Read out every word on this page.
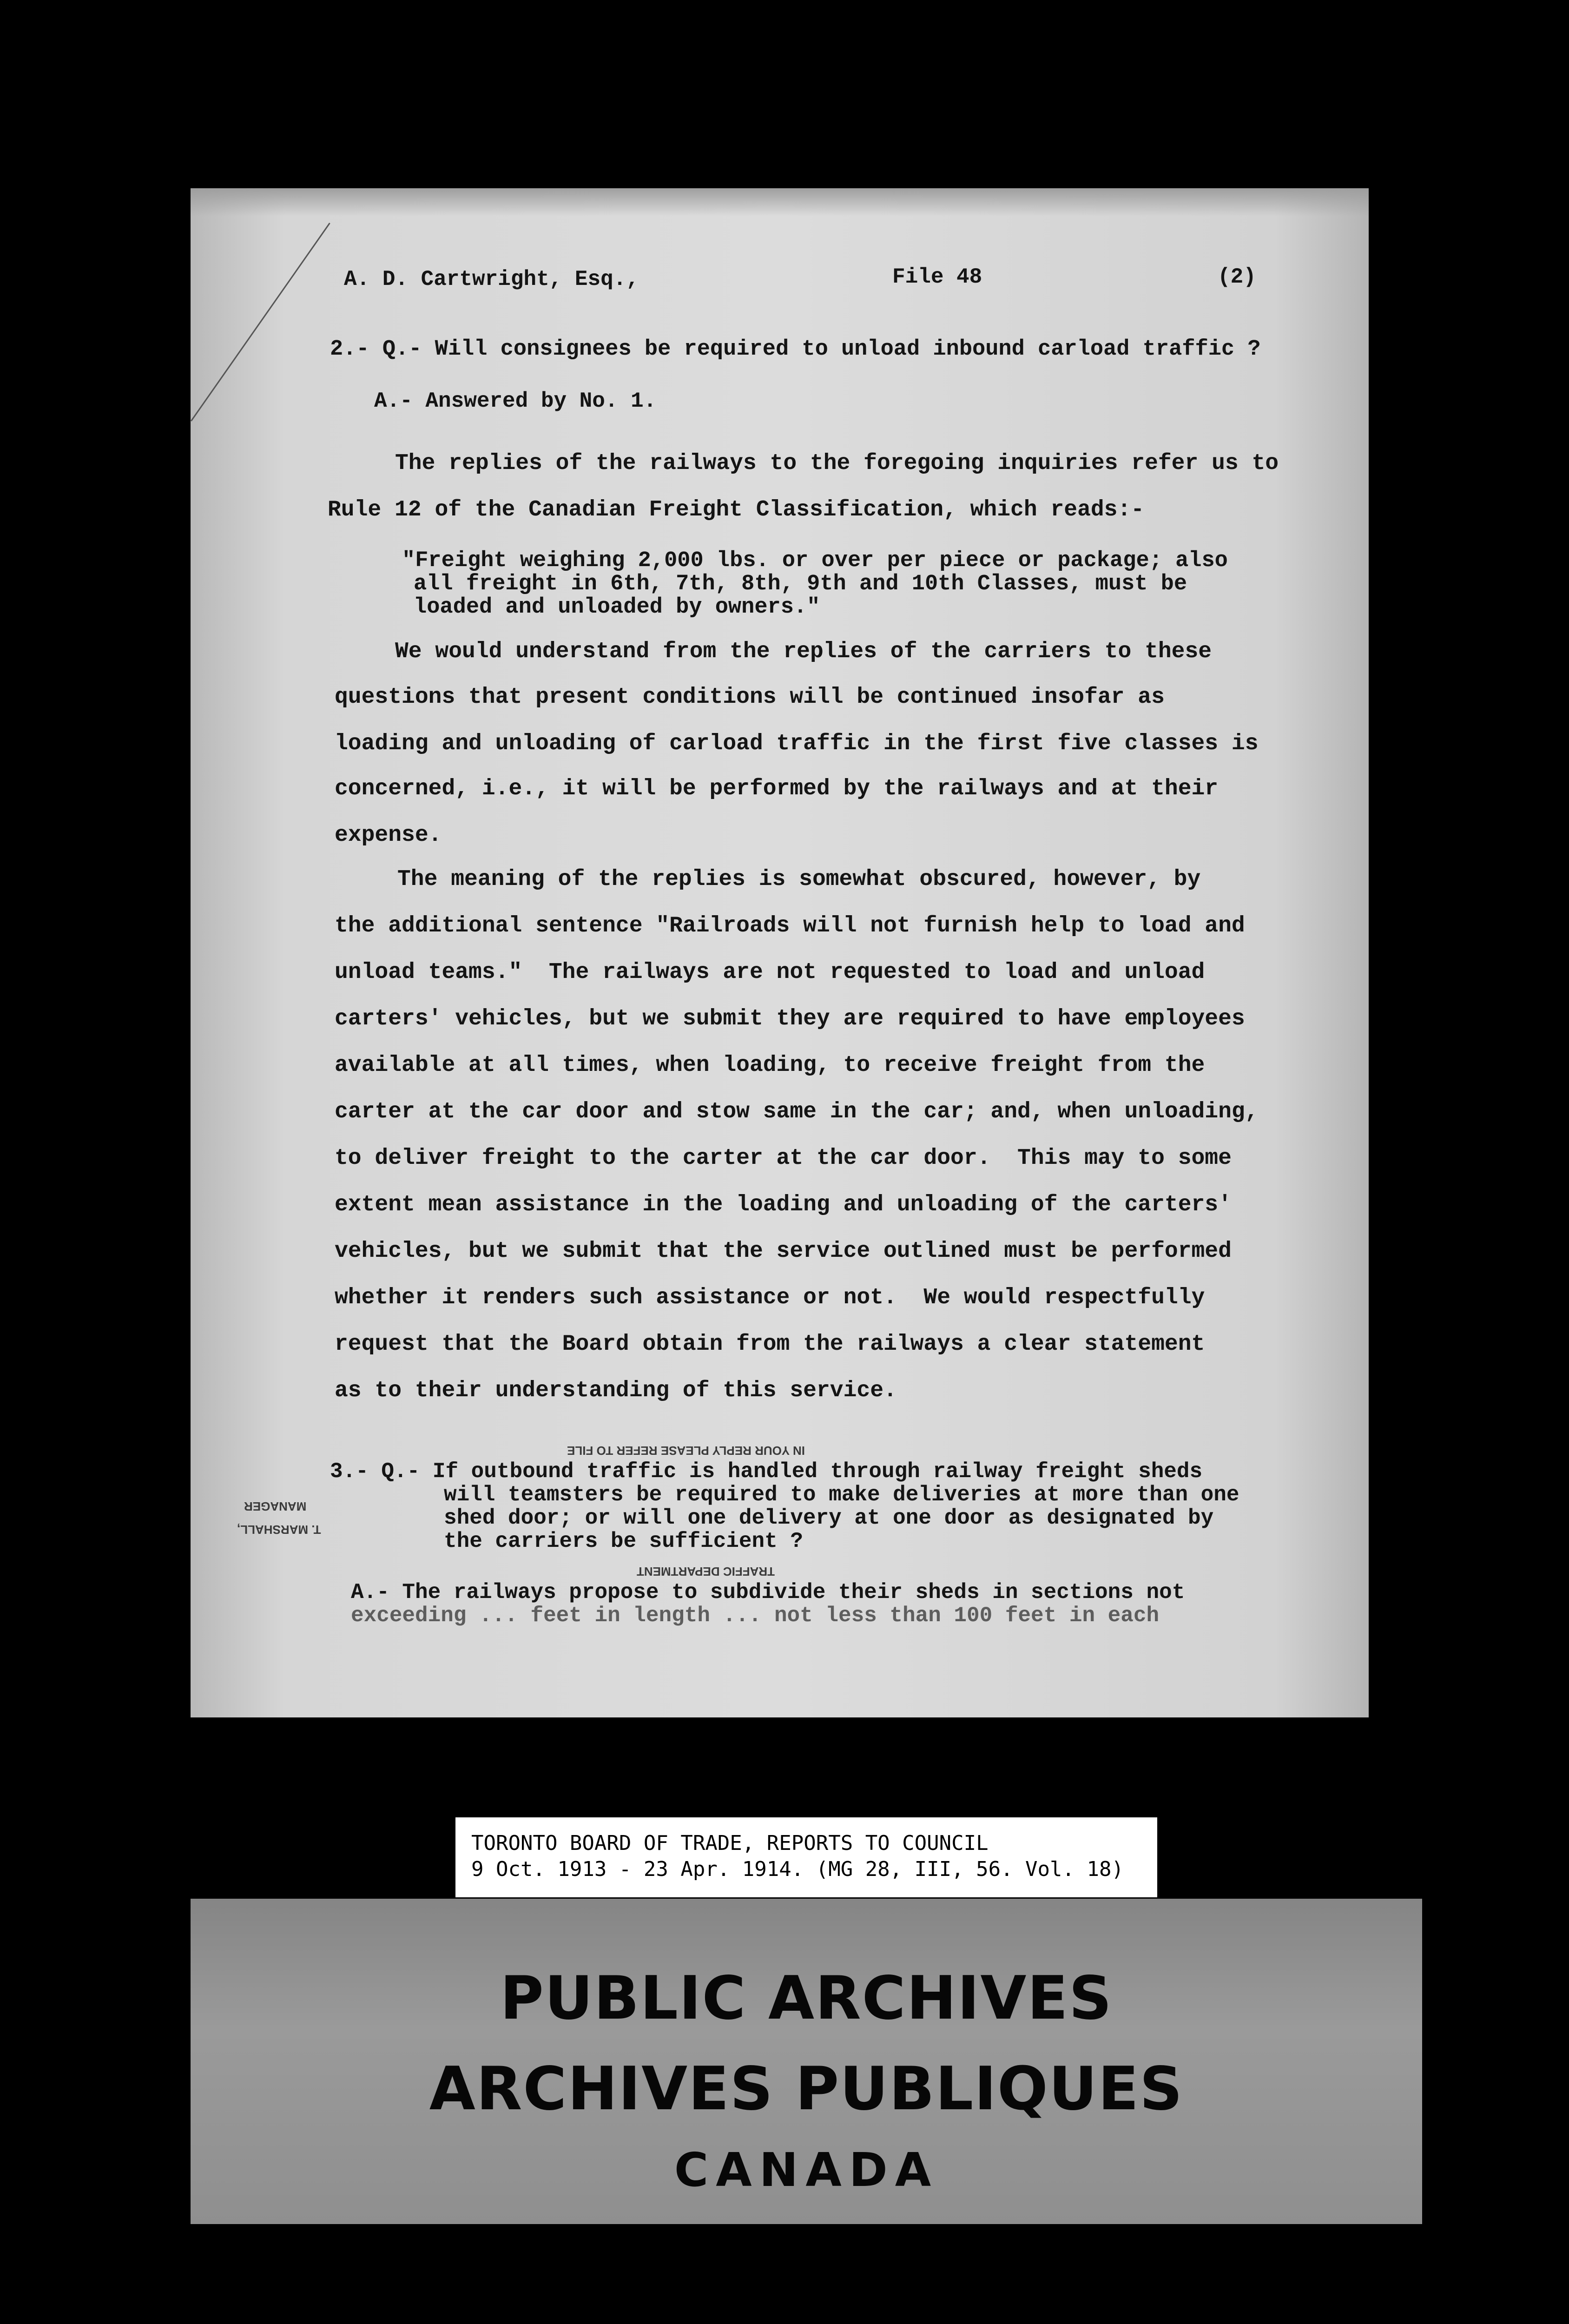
A. D. Cartwright, Esq.,	File 48	(2)
2.- Q.- Will consignees be required to unload inbound carload traffic ?
A.- Answered by No. 1.
The replies of the railways to the foregoing inquiries refer us to
Rule 12 of the Canadian Freight Classification, which reads:-
"Freight weighing 2,000 lbs. or over per piece or package; also
all freight in 6th, 7th, 8th, 9th and 10th Classes, must be
loaded and unloaded by owners."
We would understand from the replies of the carriers to these
questions that present conditions will be continued insofar as
loading and unloading of carload traffic in the first five classes is
concerned, i.e., it will be performed by the railways and at their
expense.
The meaning of the replies is somewhat obscured, however, by
the additional sentence "Railroads will not furnish help to load and
unload teams."  The railways are not requested to load and unload
carters' vehicles, but we submit they are required to have employees
available at all times, when loading, to receive freight from the
carter at the car door and stow same in the car; and, when unloading,
to deliver freight to the carter at the car door.  This may to some
extent mean assistance in the loading and unloading of the carters'
vehicles, but we submit that the service outlined must be performed
whether it renders such assistance or not.  We would respectfully
request that the Board obtain from the railways a clear statement
as to their understanding of this service.
IN YOUR REPLY PLEASE REFER TO FILE
MANAGER
T. MARSHALL,
TRAFFIC DEPARTMENT
3.- Q.- If outbound traffic is handled through railway freight sheds
will teamsters be required to make deliveries at more than one
shed door; or will one delivery at one door as designated by
the carriers be sufficient ?
A.- The railways propose to subdivide their sheds in sections not
exceeding ... feet in length ... not less than 100 feet in each
TORONTO BOARD OF TRADE, REPORTS TO COUNCIL
9 Oct. 1913 - 23 Apr. 1914. (MG 28, III, 56. Vol. 18)
PUBLIC ARCHIVES
ARCHIVES PUBLIQUES
CANADA
